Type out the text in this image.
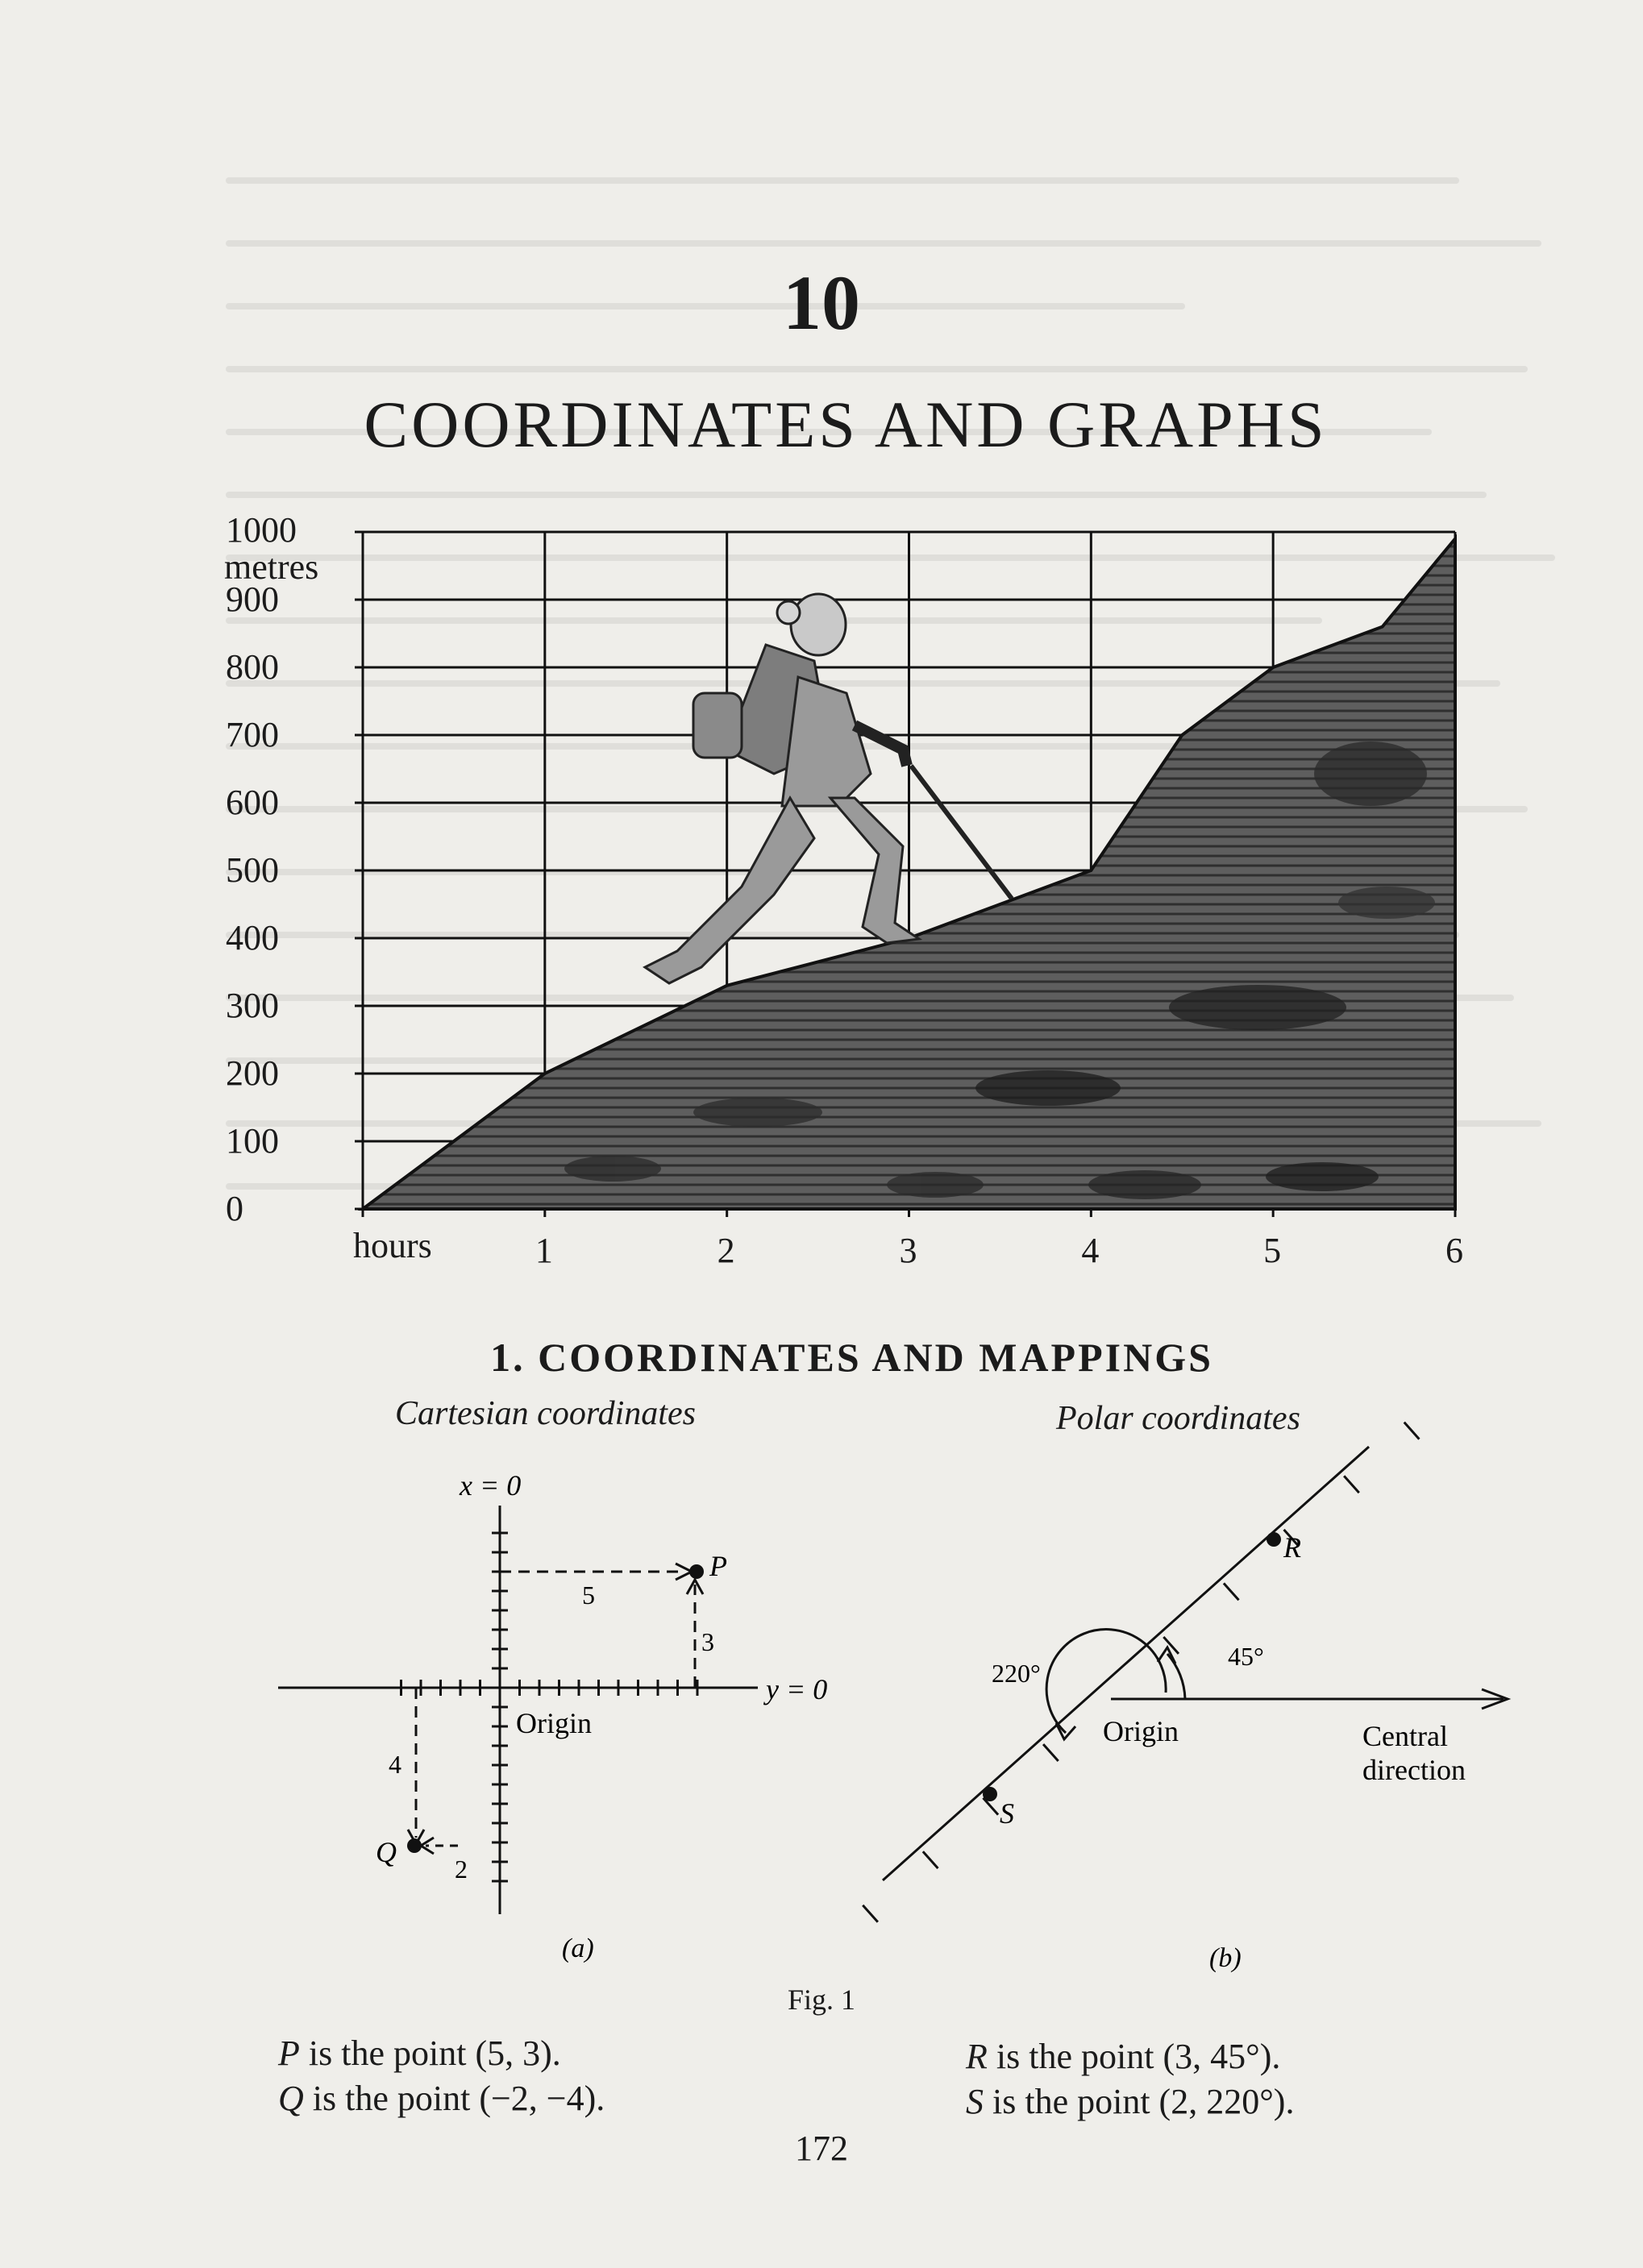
10
COORDINATES AND GRAPHS
1000
900
800
700
600
500
400
300
200
100
0
metres
hours	1	2	3	4	5	6
1. COORDINATES AND MAPPINGS
Cartesian coordinates	Polar coordinates
x = 0
y = 0
Origin
P
Q
5
3
4
2
(a)
R
S
220°
45°
Origin	Central
direction
(b)
Fig. 1
P is the point (5, 3).
Q is the point (−2, −4).
R is the point (3, 45°).
S is the point (2, 220°).
172
